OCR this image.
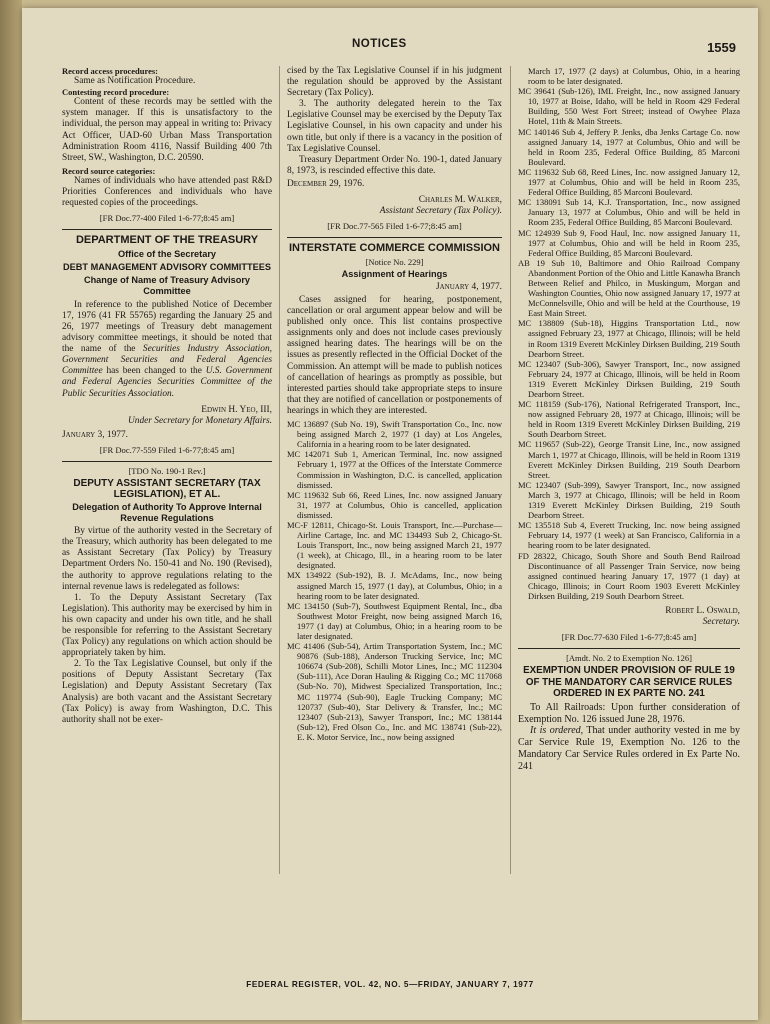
NOTICES	1559

Record access procedures:

Same as Notification Procedure.

Contesting record procedure:

Content of these records may be settled with the system manager. If this is unsatisfactory to the individual, the person may appeal in writing to: Privacy Act Officer, UAD-60 Urban Mass Transportation Administration Room 4116, Nassif Building 400 7th Street, SW., Washington, D.C. 20590.

Record source categories:

Names of individuals who have attended past R&D Priorities Conferences and individuals who have requested copies of the proceedings.

[FR Doc.77-400 Filed 1-6-77;8:45 am]

DEPARTMENT OF THE TREASURY

Office of the Secretary

DEBT MANAGEMENT ADVISORY COMMITTEES

Change of Name of Treasury Advisory Committee

In reference to the published Notice of December 17, 1976 (41 FR 55765) regarding the January 25 and 26, 1977 meetings of Treasury debt management advisory committee meetings, it should be noted that the name of the Securities Industry Association, Government Securities and Federal Agencies Committee has been changed to the U.S. Government and Federal Agencies Securities Committee of the Public Securities Association.

Edwin H. Yeo, III,

Under Secretary for Monetary Affairs.

January 3, 1977.

[FR Doc.77-559 Filed 1-6-77;8:45 am]

[TDO No. 190-1 Rev.]

DEPUTY ASSISTANT SECRETARY (TAX LEGISLATION), ET AL.

Delegation of Authority To Approve Internal Revenue Regulations

By virtue of the authority vested in the Secretary of the Treasury, which authority has been delegated to me as Assistant Secretary (Tax Policy) by Treasury Department Orders No. 150-41 and No. 190 (Revised), the authority to approve regulations relating to the internal revenue laws is redelegated as follows:

1. To the Deputy Assistant Secretary (Tax Legislation). This authority may be exercised by him in his own capacity and under his own title, and he shall be responsible for referring to the Assistant Secretary (Tax Policy) any regulations on which action should be appropriately taken by him.

2. To the Tax Legislative Counsel, but only if the positions of Deputy Assistant Secretary (Tax Legislation) and Deputy Assistant Secretary (Tax Analysis) are both vacant and the Assistant Secretary (Tax Policy) is away from Washington, D.C. This authority shall not be exer-

cised by the Tax Legislative Counsel if in his judgment the regulation should be approved by the Assistant Secretary (Tax Policy).

3. The authority delegated herein to the Tax Legislative Counsel may be exercised by the Deputy Tax Legislative Counsel, in his own capacity and under his own title, but only if there is a vacancy in the position of Tax Legislative Counsel.

Treasury Department Order No. 190-1, dated January 8, 1973, is rescinded effective this date.

December 29, 1976.

Charles M. Walker,

Assistant Secretary (Tax Policy).

[FR Doc.77-565 Filed 1-6-77;8:45 am]

INTERSTATE COMMERCE COMMISSION

[Notice No. 229]

Assignment of Hearings

January 4, 1977.

Cases assigned for hearing, postponement, cancellation or oral argument appear below and will be published only once. This list contains prospective assignments only and does not include cases previously assigned hearing dates. The hearings will be on the issues as presently reflected in the Official Docket of the Commission. An attempt will be made to publish notices of cancellation of hearings as promptly as possible, but interested parties should take appropriate steps to insure that they are notified of cancellation or postponements of hearings in which they are interested.

MC 136897 (Sub No. 19), Swift Transportation Co., Inc. now being assigned March 2, 1977 (1 day) at Los Angeles, California in a hearing room to be later designated.

MC 142071 Sub 1, American Terminal, Inc. now assigned February 1, 1977 at the Offices of the Interstate Commerce Commission in Washington, D.C. is cancelled, application dismissed.

MC 119632 Sub 66, Reed Lines, Inc. now assigned January 31, 1977 at Columbus, Ohio is cancelled, application dismissed.

MC-F 12811, Chicago-St. Louis Transport, Inc.—Purchase—Airline Cartage, Inc. and MC 134493 Sub 2, Chicago-St. Louis Transport, Inc., now being assigned March 21, 1977 (1 week), at Chicago, Ill., in a hearing room to be later designated.

MX 134922 (Sub-192), B. J. McAdams, Inc., now being assigned March 15, 1977 (1 day), at Columbus, Ohio; in a hearing room to be later designated.

MC 134150 (Sub-7), Southwest Equipment Rental, Inc., dba Southwest Motor Freight, now being assigned March 16, 1977 (1 day) at Columbus, Ohio; in a hearing room to be later designated.

MC 41406 (Sub-54), Artim Transportation System, Inc.; MC 90876 (Sub-188), Anderson Trucking Service, Inc; MC 106674 (Sub-208), Schilli Motor Lines, Inc.; MC 112304 (Sub-111), Ace Doran Hauling & Rigging Co.; MC 117068 (Sub-No. 70), Midwest Specialized Transportation, Inc.; MC 119774 (Sub-90), Eagle Trucking Company; MC 120737 (Sub-40), Star Delivery & Transfer, Inc.; MC 123407 (Sub-213), Sawyer Transport, Inc.; MC 138144 (Sub-12), Fred Olson Co., Inc. and MC 138741 (Sub-22), E. K. Motor Service, Inc., now being assigned

March 17, 1977 (2 days) at Columbus, Ohio, in a hearing room to be later designated.

MC 39641 (Sub-126), IML Freight, Inc., now assigned January 10, 1977 at Boise, Idaho, will be held in Room 429 Federal Building, 550 West Fort Street; instead of Owyhee Plaza Hotel, 11th & Main Streets.

MC 140146 Sub 4, Jeffery P. Jenks, dba Jenks Cartage Co. now assigned January 14, 1977 at Columbus, Ohio and will be held in Room 235, Federal Office Building, 85 Marconi Boulevard.

MC 119632 Sub 68, Reed Lines, Inc. now assigned January 12, 1977 at Columbus, Ohio and will be held in Room 235, Federal Office Building, 85 Marconi Boulevard.

MC 138091 Sub 14, K.J. Transportation, Inc., now assigned January 13, 1977 at Columbus, Ohio and will be held in Room 235, Federal Office Building, 85 Marconi Boulevard.

MC 124939 Sub 9, Food Haul, Inc. now assigned January 11, 1977 at Columbus, Ohio and will be held in Room 235, Federal Office Building, 85 Marconi Boulevard.

AB 19 Sub 10, Baltimore and Ohio Railroad Company Abandonment Portion of the Ohio and Little Kanawha Branch Between Relief and Philco, in Muskingum, Morgan and Washington Counties, Ohio now assigned January 17, 1977 at McConnelsville, Ohio and will be held at the Courthouse, 19 East Main Street.

MC 138809 (Sub-18), Higgins Transportation Ltd., now assigned February 23, 1977 at Chicago, Illinois; will be held in Room 1319 Everett McKinley Dirksen Building, 219 South Dearborn Street.

MC 123407 (Sub-306), Sawyer Transport, Inc., now assigned February 24, 1977 at Chicago, Illinois, will be held in Room 1319 Everett McKinley Dirksen Building, 219 South Dearborn Street.

MC 118159 (Sub-176), National Refrigerated Transport, Inc., now assigned February 28, 1977 at Chicago, Illinois; will be held in Room 1319 Everett McKinley Dirksen Building, 219 South Dearborn Street.

MC 119657 (Sub-22), George Transit Line, Inc., now assigned March 1, 1977 at Chicago, Illinois, will be held in Room 1319 Everett McKinley Dirksen Building, 219 South Dearborn Street.

MC 123407 (Sub-399), Sawyer Transport, Inc., now assigned March 3, 1977 at Chicago, Illinois; will be held in Room 1319 Everett McKinley Dirksen Building, 219 South Dearborn Street.

MC 135518 Sub 4, Everett Trucking, Inc. now being assigned February 14, 1977 (1 week) at San Francisco, California in a hearing room to be later designated.

FD 28322, Chicago, South Shore and South Bend Railroad Discontinuance of all Passenger Train Service, now being assigned continued hearing January 17, 1977 (1 day) at Chicago, Illinois; in Court Room 1903 Everett McKinley Dirksen Building, 219 South Dearborn Street.

Robert L. Oswald,

Secretary.

[FR Doc.77-630 Filed 1-6-77;8:45 am]

[Amdt. No. 2 to Exemption No. 126]

EXEMPTION UNDER PROVISION OF RULE 19 OF THE MANDATORY CAR SERVICE RULES ORDERED IN EX PARTE NO. 241

To All Railroads: Upon further consideration of Exemption No. 126 issued June 28, 1976.

It is ordered, That under authority vested in me by Car Service Rule 19, Exemption No. 126 to the Mandatory Car Service Rules ordered in Ex Parte No. 241

FEDERAL REGISTER, VOL. 42, NO. 5—FRIDAY, JANUARY 7, 1977
